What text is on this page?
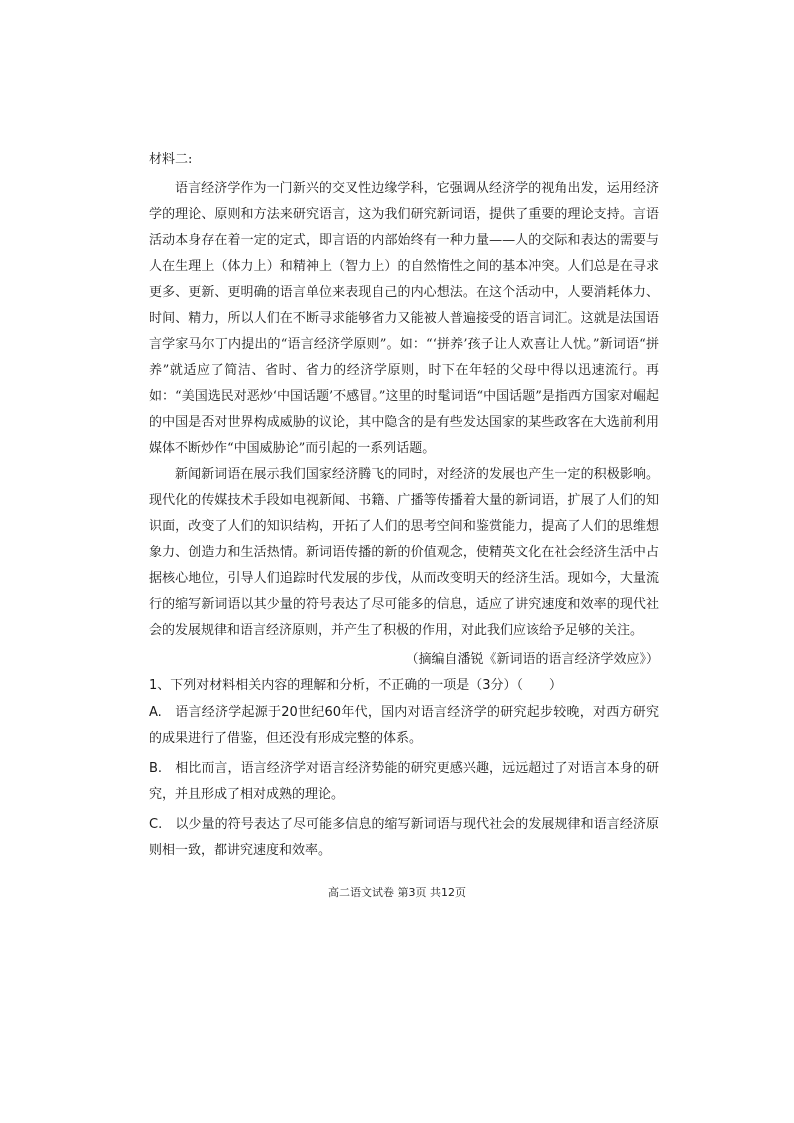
材料二:

语言经济学作为一门新兴的交叉性边缘学科，它强调从经济学的视角出发，运用经济学的理论、原则和方法来研究语言，这为我们研究新词语，提供了重要的理论支持。言语活动本身存在着一定的定式，即言语的内部始终有一种力量——人的交际和表达的需要与人在生理上（体力上）和精神上（智力上）的自然惰性之间的基本冲突。人们总是在寻求更多、更新、更明确的语言单位来表现自己的内心想法。在这个活动中，人要消耗体力、时间、精力，所以人们在不断寻求能够省力又能被人普遍接受的语言词汇。这就是法国语言学家马尔丁内提出的“语言经济学原则”。如：“‘拼养’孩子让人欢喜让人忧。”新词语“拼养”就适应了简洁、省时、省力的经济学原则，时下在年轻的父母中得以迅速流行。再如：“美国选民对恶炒‘中国话题’不感冒。”这里的时髦词语“中国话题”是指西方国家对崛起的中国是否对世界构成威胁的议论，其中隐含的是有些发达国家的某些政客在大选前利用媒体不断炒作“中国威胁论”而引起的一系列话题。

新闻新词语在展示我们国家经济腾飞的同时，对经济的发展也产生一定的积极影响。现代化的传媒技术手段如电视新闻、书籍、广播等传播着大量的新词语，扩展了人们的知识面，改变了人们的知识结构，开拓了人们的思考空间和鉴赏能力，提高了人们的思维想象力、创造力和生活热情。新词语传播的新的价值观念，使精英文化在社会经济生活中占据核心地位，引导人们追踪时代发展的步伐，从而改变明天的经济生活。现如今，大量流行的缩写新词语以其少量的符号表达了尽可能多的信息，适应了讲究速度和效率的现代社会的发展规律和语言经济原则，并产生了积极的作用，对此我们应该给予足够的关注。

（摘编自潘锐《新词语的语言经济学效应》）

1、下列对材料相关内容的理解和分析，不正确的一项是（3分）（　　）

A.　语言经济学起源于20世纪60年代，国内对语言经济学的研究起步较晚，对西方研究的成果进行了借鉴，但还没有形成完整的体系。

B.　相比而言，语言经济学对语言经济势能的研究更感兴趣，远远超过了对语言本身的研究，并且形成了相对成熟的理论。

C.　以少量的符号表达了尽可能多信息的缩写新词语与现代社会的发展规律和语言经济原则相一致，都讲究速度和效率。

高二语文试卷 第3页 共12页
